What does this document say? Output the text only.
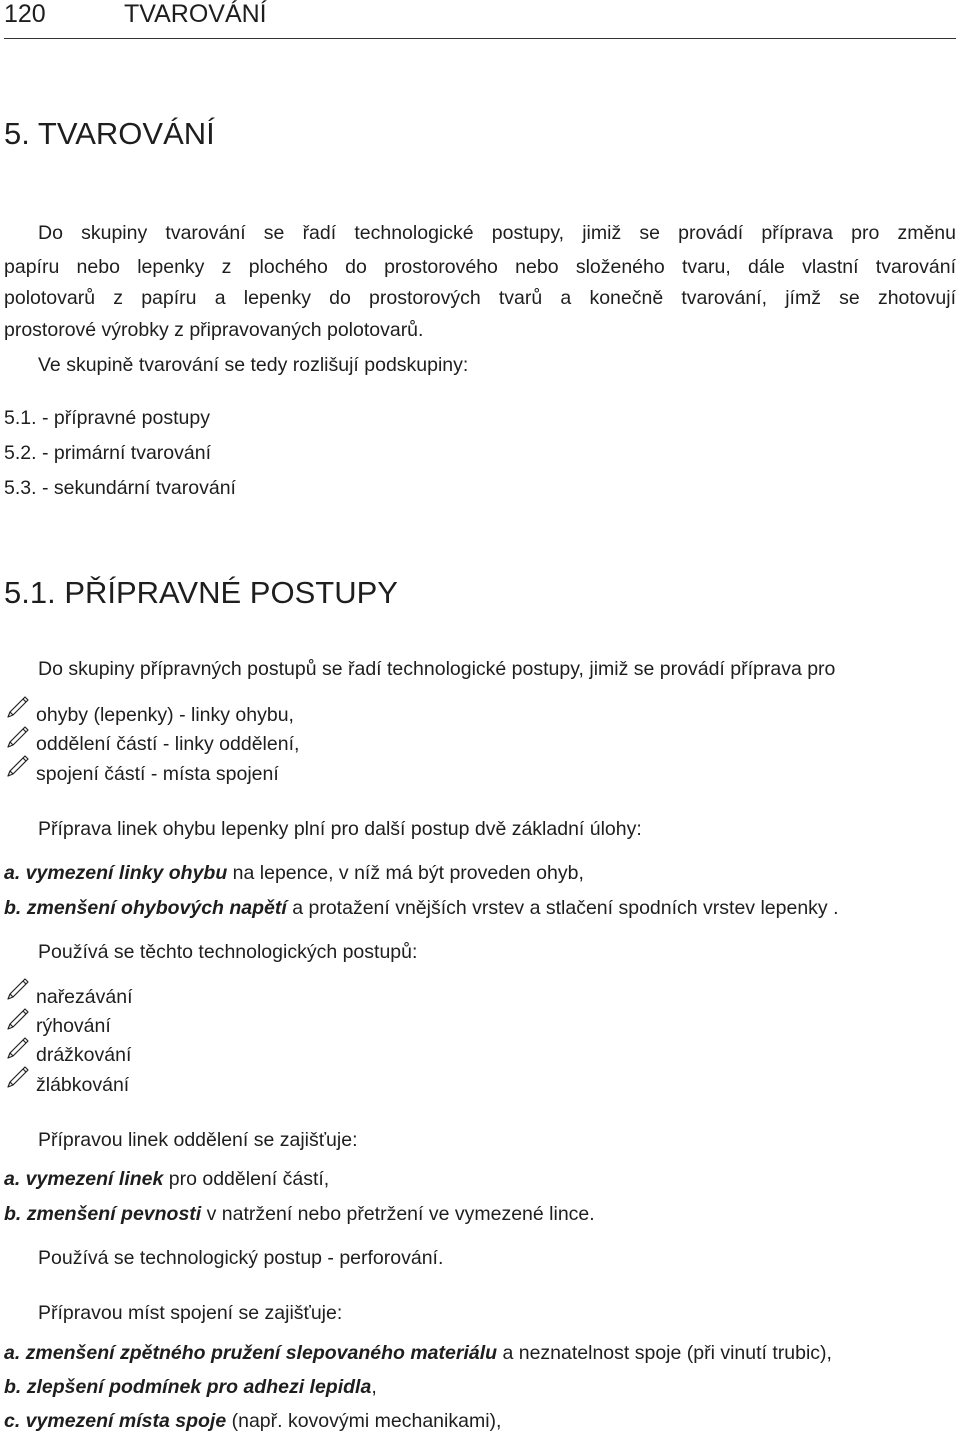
120	TVAROVÁNÍ
5. TVAROVÁNÍ
Do skupiny tvarování se řadí technologické postupy, jimiž se provádí příprava pro změnu
papíru nebo lepenky z plochého do prostorového nebo složeného tvaru, dále vlastní tvarování
polotovarů z papíru a lepenky do prostorových tvarů a konečně tvarování, jímž se zhotovují
prostorové výrobky z připravovaných polotovarů.
Ve skupině tvarování se tedy rozlišují podskupiny:
5.1. - přípravné postupy
5.2. - primární tvarování
5.3. - sekundární tvarování
5.1. PŘÍPRAVNÉ POSTUPY
Do skupiny přípravných postupů se řadí technologické postupy, jimiž se provádí příprava pro
ohyby (lepenky) - linky ohybu,
oddělení částí - linky oddělení,
spojení částí - místa spojení
Příprava linek ohybu lepenky plní pro další postup dvě základní úlohy:
a. vymezení linky ohybu na lepence, v níž má být proveden ohyb,
b. zmenšení ohybových napětí a protažení vnějších vrstev a stlačení spodních vrstev lepenky .
Používá se těchto technologických postupů:
nařezávání
rýhování
drážkování
žlábkování
Přípravou linek oddělení se zajišťuje:
a. vymezení linek pro oddělení částí,
b. zmenšení pevnosti v natržení nebo přetržení ve vymezené lince.
Používá se technologický postup - perforování.
Přípravou míst spojení se zajišťuje:
a. zmenšení zpětného pružení slepovaného materiálu a neznatelnost spoje (při vinutí trubic),
b. zlepšení podmínek pro adhezi lepidla,
c. vymezení místa spoje (např. kovovými mechanikami),
